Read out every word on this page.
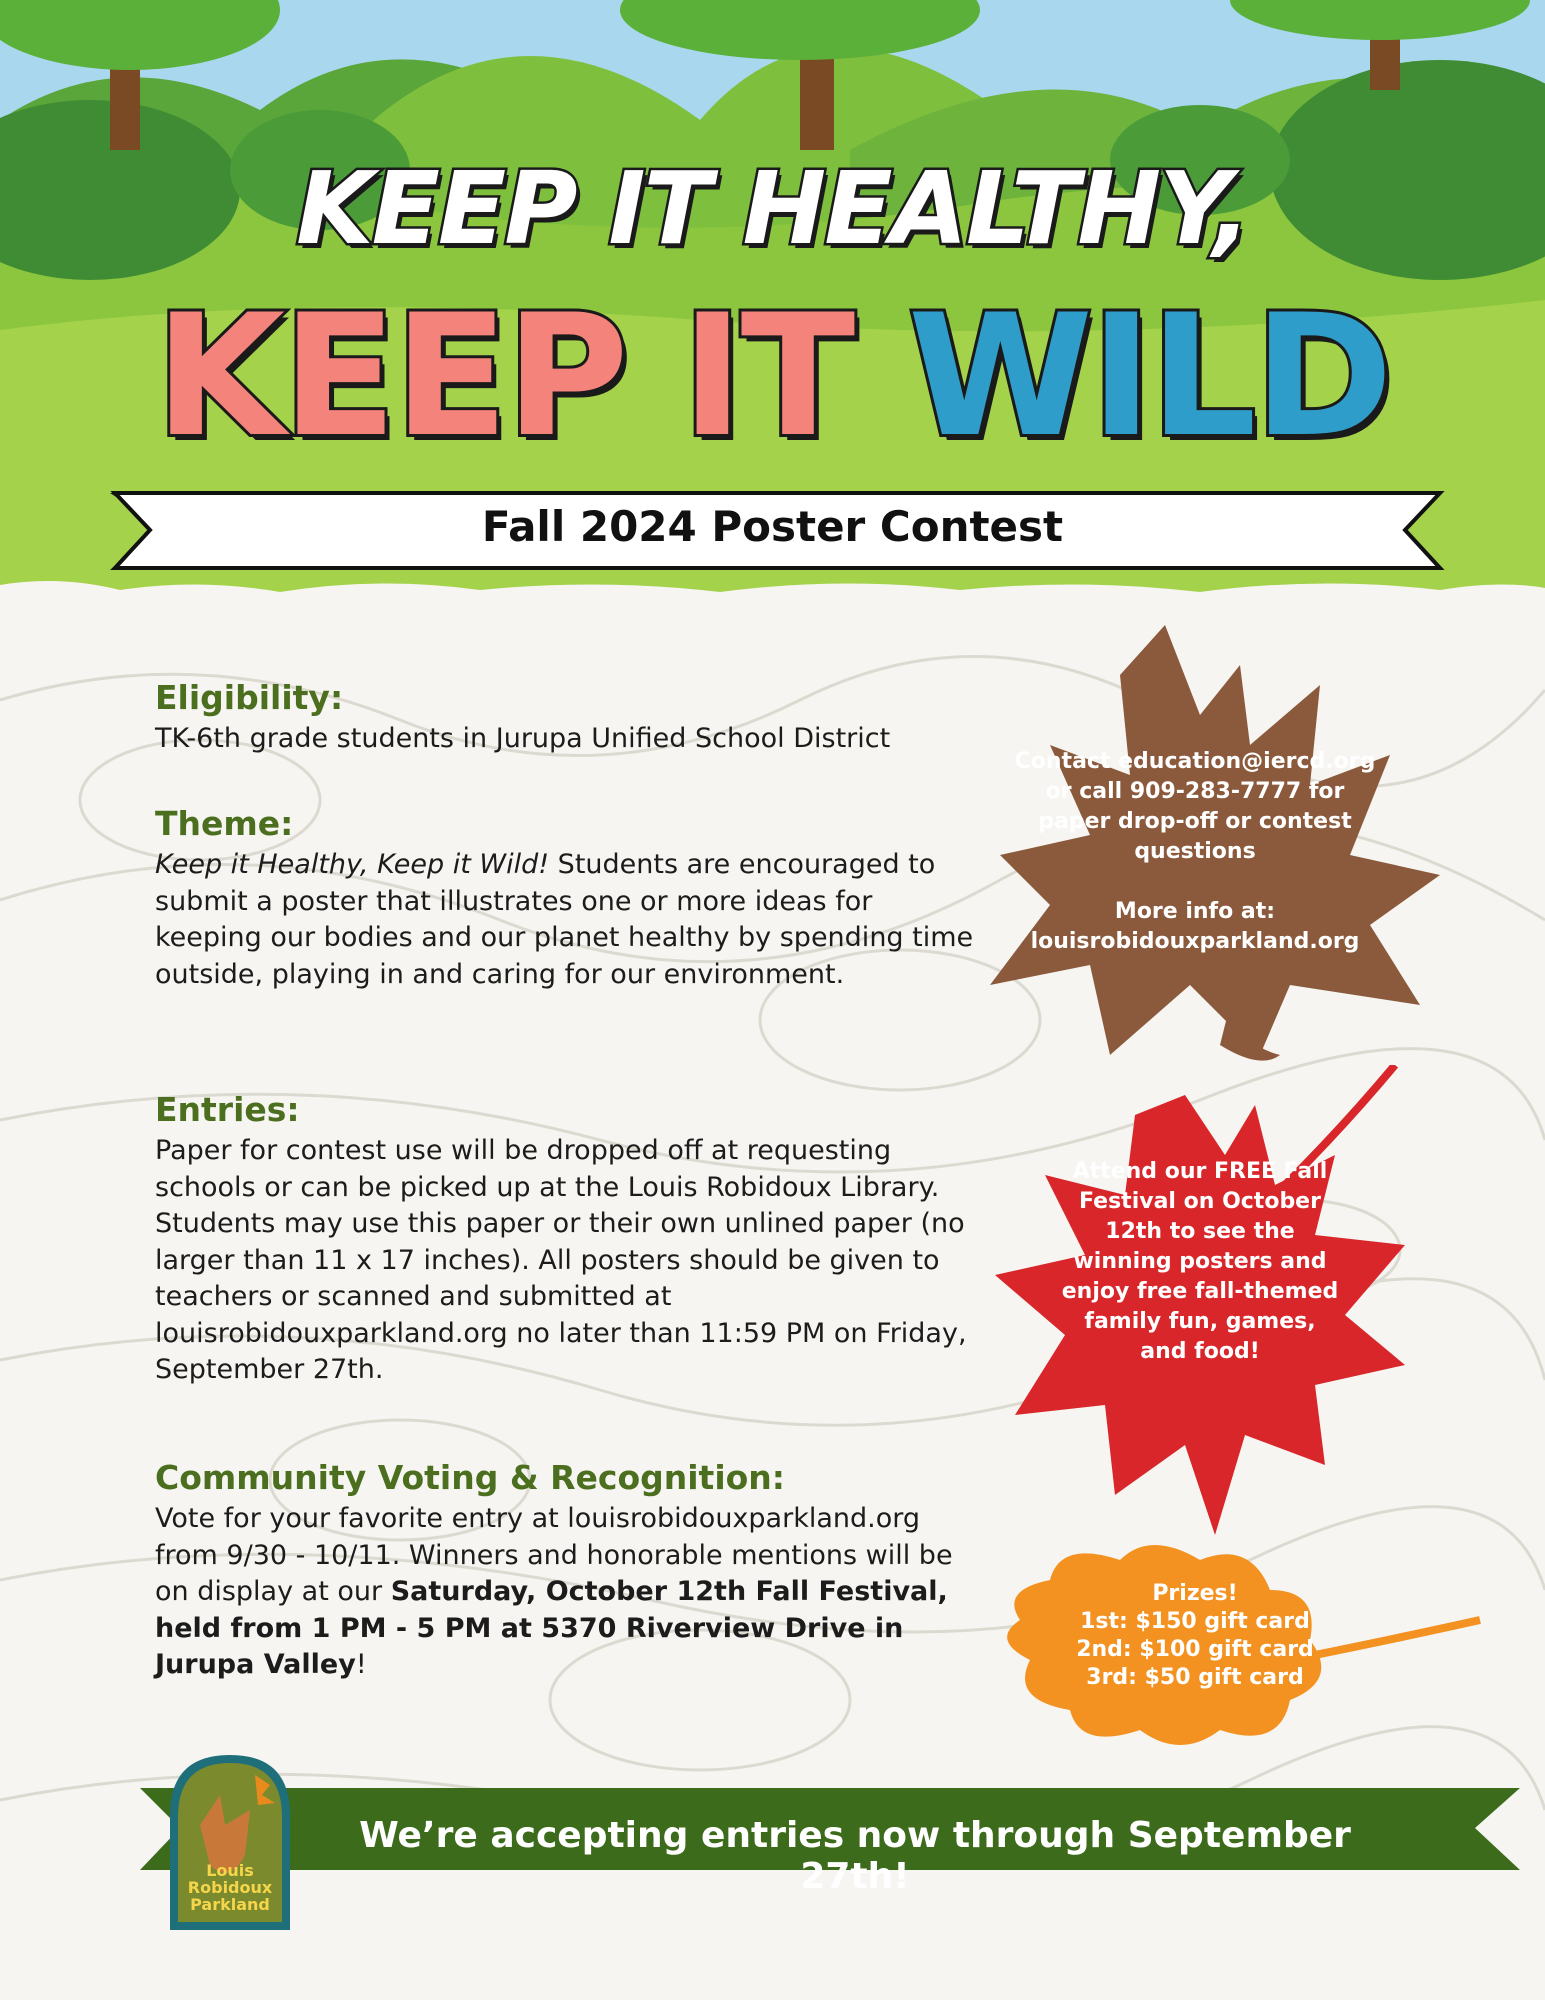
KEEP IT HEALTHY,
KEEP IT WILD
Fall 2024 Poster Contest
Eligibility:

TK-6th grade students in Jurupa Unified School District

Theme:

Keep it Healthy, Keep it Wild! Students are encouraged to submit a poster that illustrates one or more ideas for keeping our bodies and our planet healthy by spending time outside, playing in and caring for our environment.

Entries:

Paper for contest use will be dropped off at requesting schools or can be picked up at the Louis Robidoux Library. Students may use this paper or their own unlined paper (no larger than 11 x 17 inches). All posters should be given to teachers or scanned and submitted at louisrobidouxparkland.org no later than 11:59 PM on Friday, September 27th.

Community Voting & Recognition:

Vote for your favorite entry at louisrobidouxparkland.org from 9/30 - 10/11. Winners and honorable mentions will be on display at our Saturday, October 12th Fall Festival, held from 1 PM - 5 PM at 5370 Riverview Drive in Jurupa Valley!

Contact education@iercd.org
or call 909-283-7777 for
paper drop-off or contest
questions
More info at:
louisrobidouxparkland.org
Attend our FREE Fall
Festival on October
12th to see the
winning posters and
enjoy free fall-themed
family fun, games,
and food!
Prizes!
1st: $150 gift card
2nd: $100 gift card
3rd: $50 gift card
We’re accepting entries now through September 27th!
Louis Robidoux
Parkland
